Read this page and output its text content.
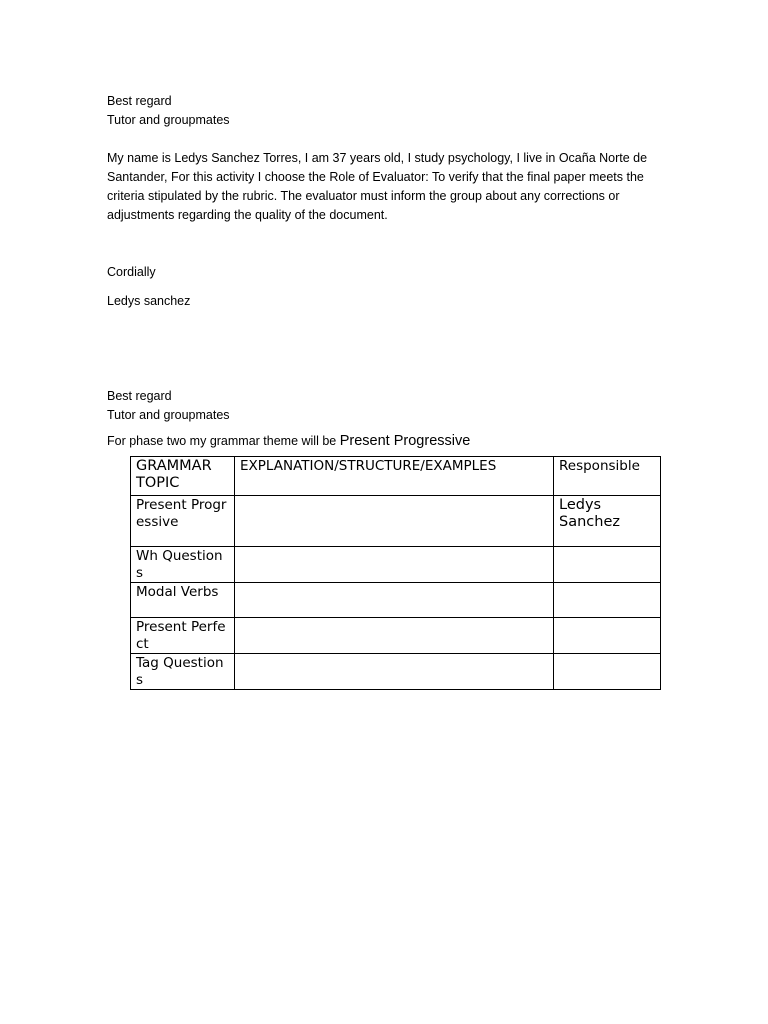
Best regard

Tutor and groupmates

My name is Ledys Sanchez Torres, I am 37 years old, I study psychology, I live in Ocaña Norte de Santander, For this activity I choose the Role of Evaluator: To verify that the final paper meets the criteria stipulated by the rubric. The evaluator must inform the group about any corrections or adjustments regarding the quality of the document.

Cordially

Ledys sanchez

Best regard

Tutor and groupmates

For phase two my grammar theme will be Present Progressive

GRAMMAR TOPIC	EXPLANATION/STRUCTURE/EXAMPLES	Responsible
Present Progressive		Ledys Sanchez
Wh Questions		
Modal Verbs		
Present Perfect		
Tag Questions		
